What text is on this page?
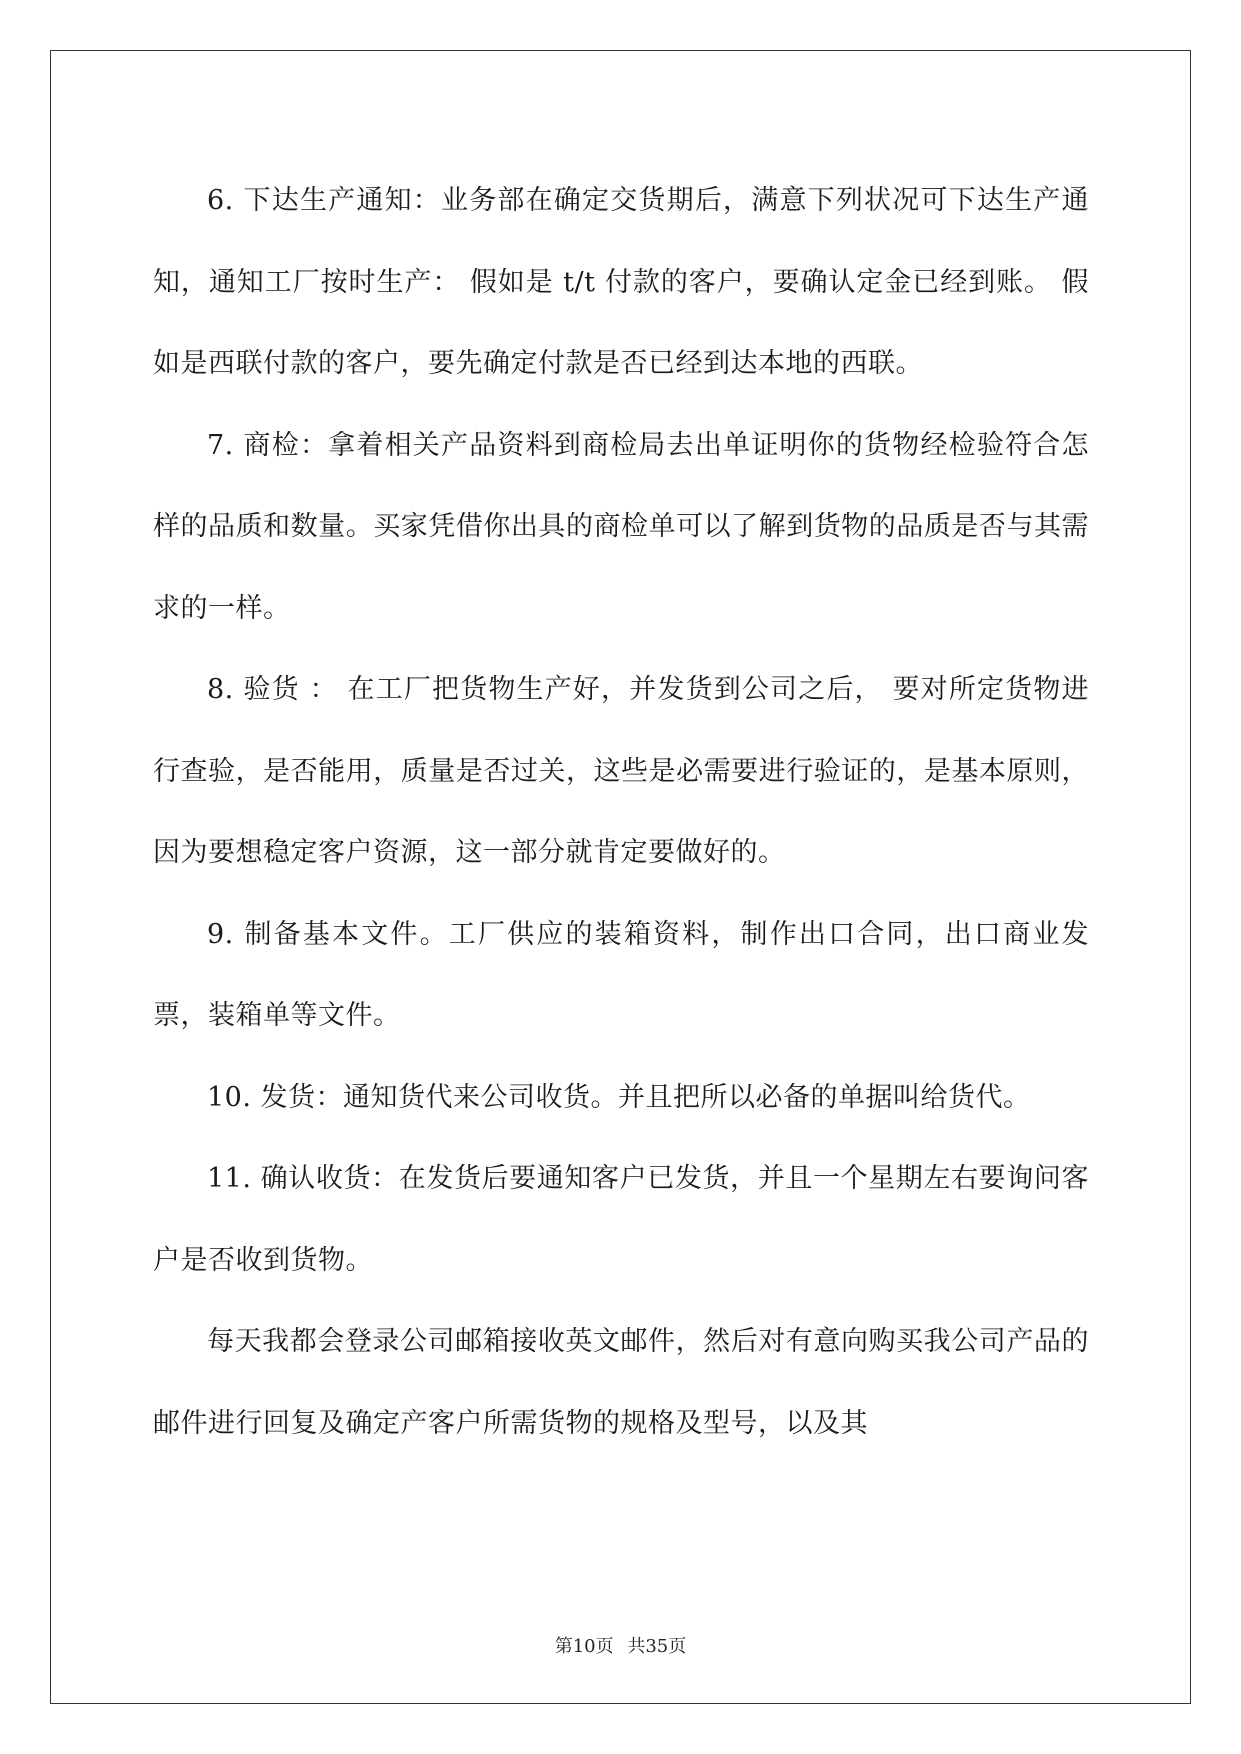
6. 下达生产通知：业务部在确定交货期后，满意下列状况可下达生产通知，通知工厂按时生产： 假如是 t/t 付款的客户，要确认定金已经到账。 假如是西联付款的客户，要先确定付款是否已经到达本地的西联。

7. 商检：拿着相关产品资料到商检局去出单证明你的货物经检验符合怎样的品质和数量。买家凭借你出具的商检单可以了解到货物的品质是否与其需求的一样。

8. 验货 ： 在工厂把货物生产好，并发货到公司之后， 要对所定货物进行查验，是否能用，质量是否过关，这些是必需要进行验证的，是基本原则，因为要想稳定客户资源，这一部分就肯定要做好的。

9. 制备基本文件。工厂供应的装箱资料，制作出口合同，出口商业发票，装箱单等文件。

10. 发货：通知货代来公司收货。并且把所以必备的单据叫给货代。

11. 确认收货：在发货后要通知客户已发货，并且一个星期左右要询问客户是否收到货物。

每天我都会登录公司邮箱接收英文邮件，然后对有意向购买我公司产品的邮件进行回复及确定产客户所需货物的规格及型号，以及其

第10页 共35页
